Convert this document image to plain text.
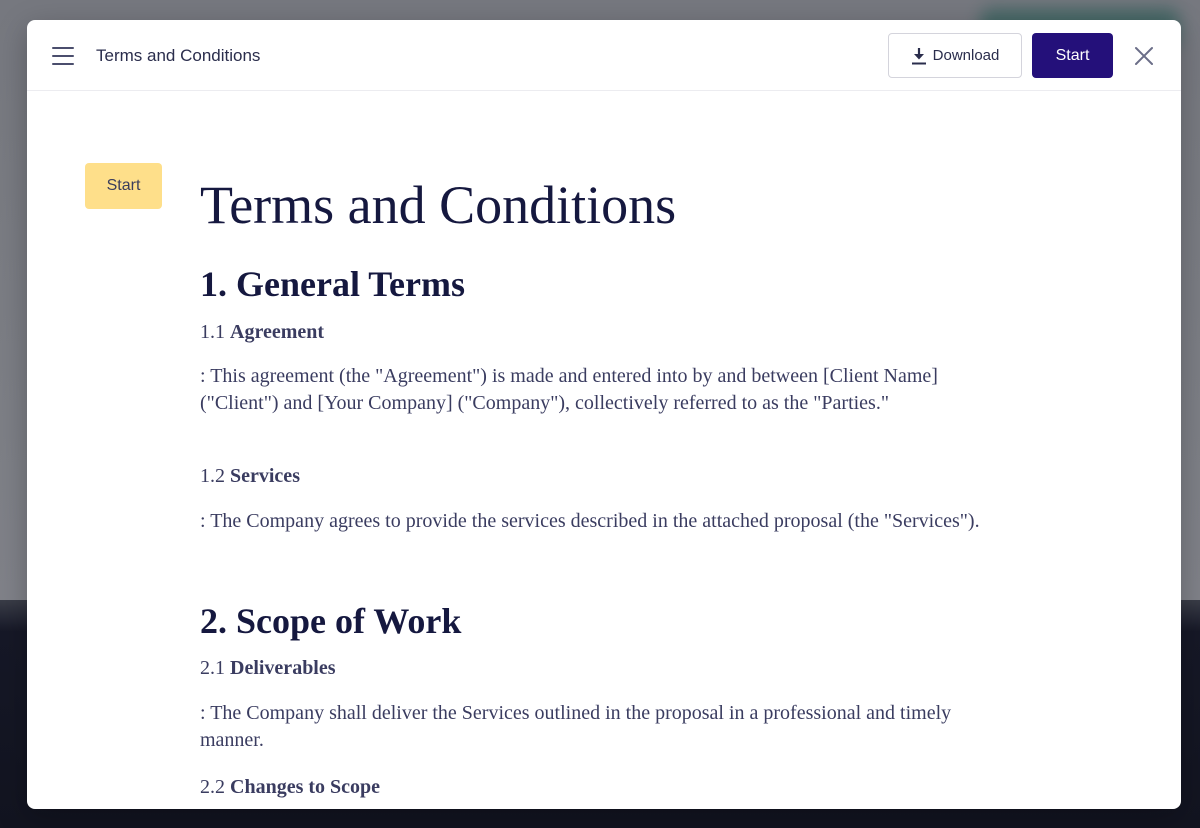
Terms and Conditions	Download	Start
Start	Terms and Conditions
1. General Terms
1.1 Agreement
: This agreement (the "Agreement") is made and entered into by and between [Client Name] ("Client") and [Your Company] ("Company"), collectively referred to as the "Parties."
1.2 Services
: The Company agrees to provide the services described in the attached proposal (the "Services").
2. Scope of Work
2.1 Deliverables
: The Company shall deliver the Services outlined in the proposal in a professional and timely manner.
2.2 Changes to Scope
